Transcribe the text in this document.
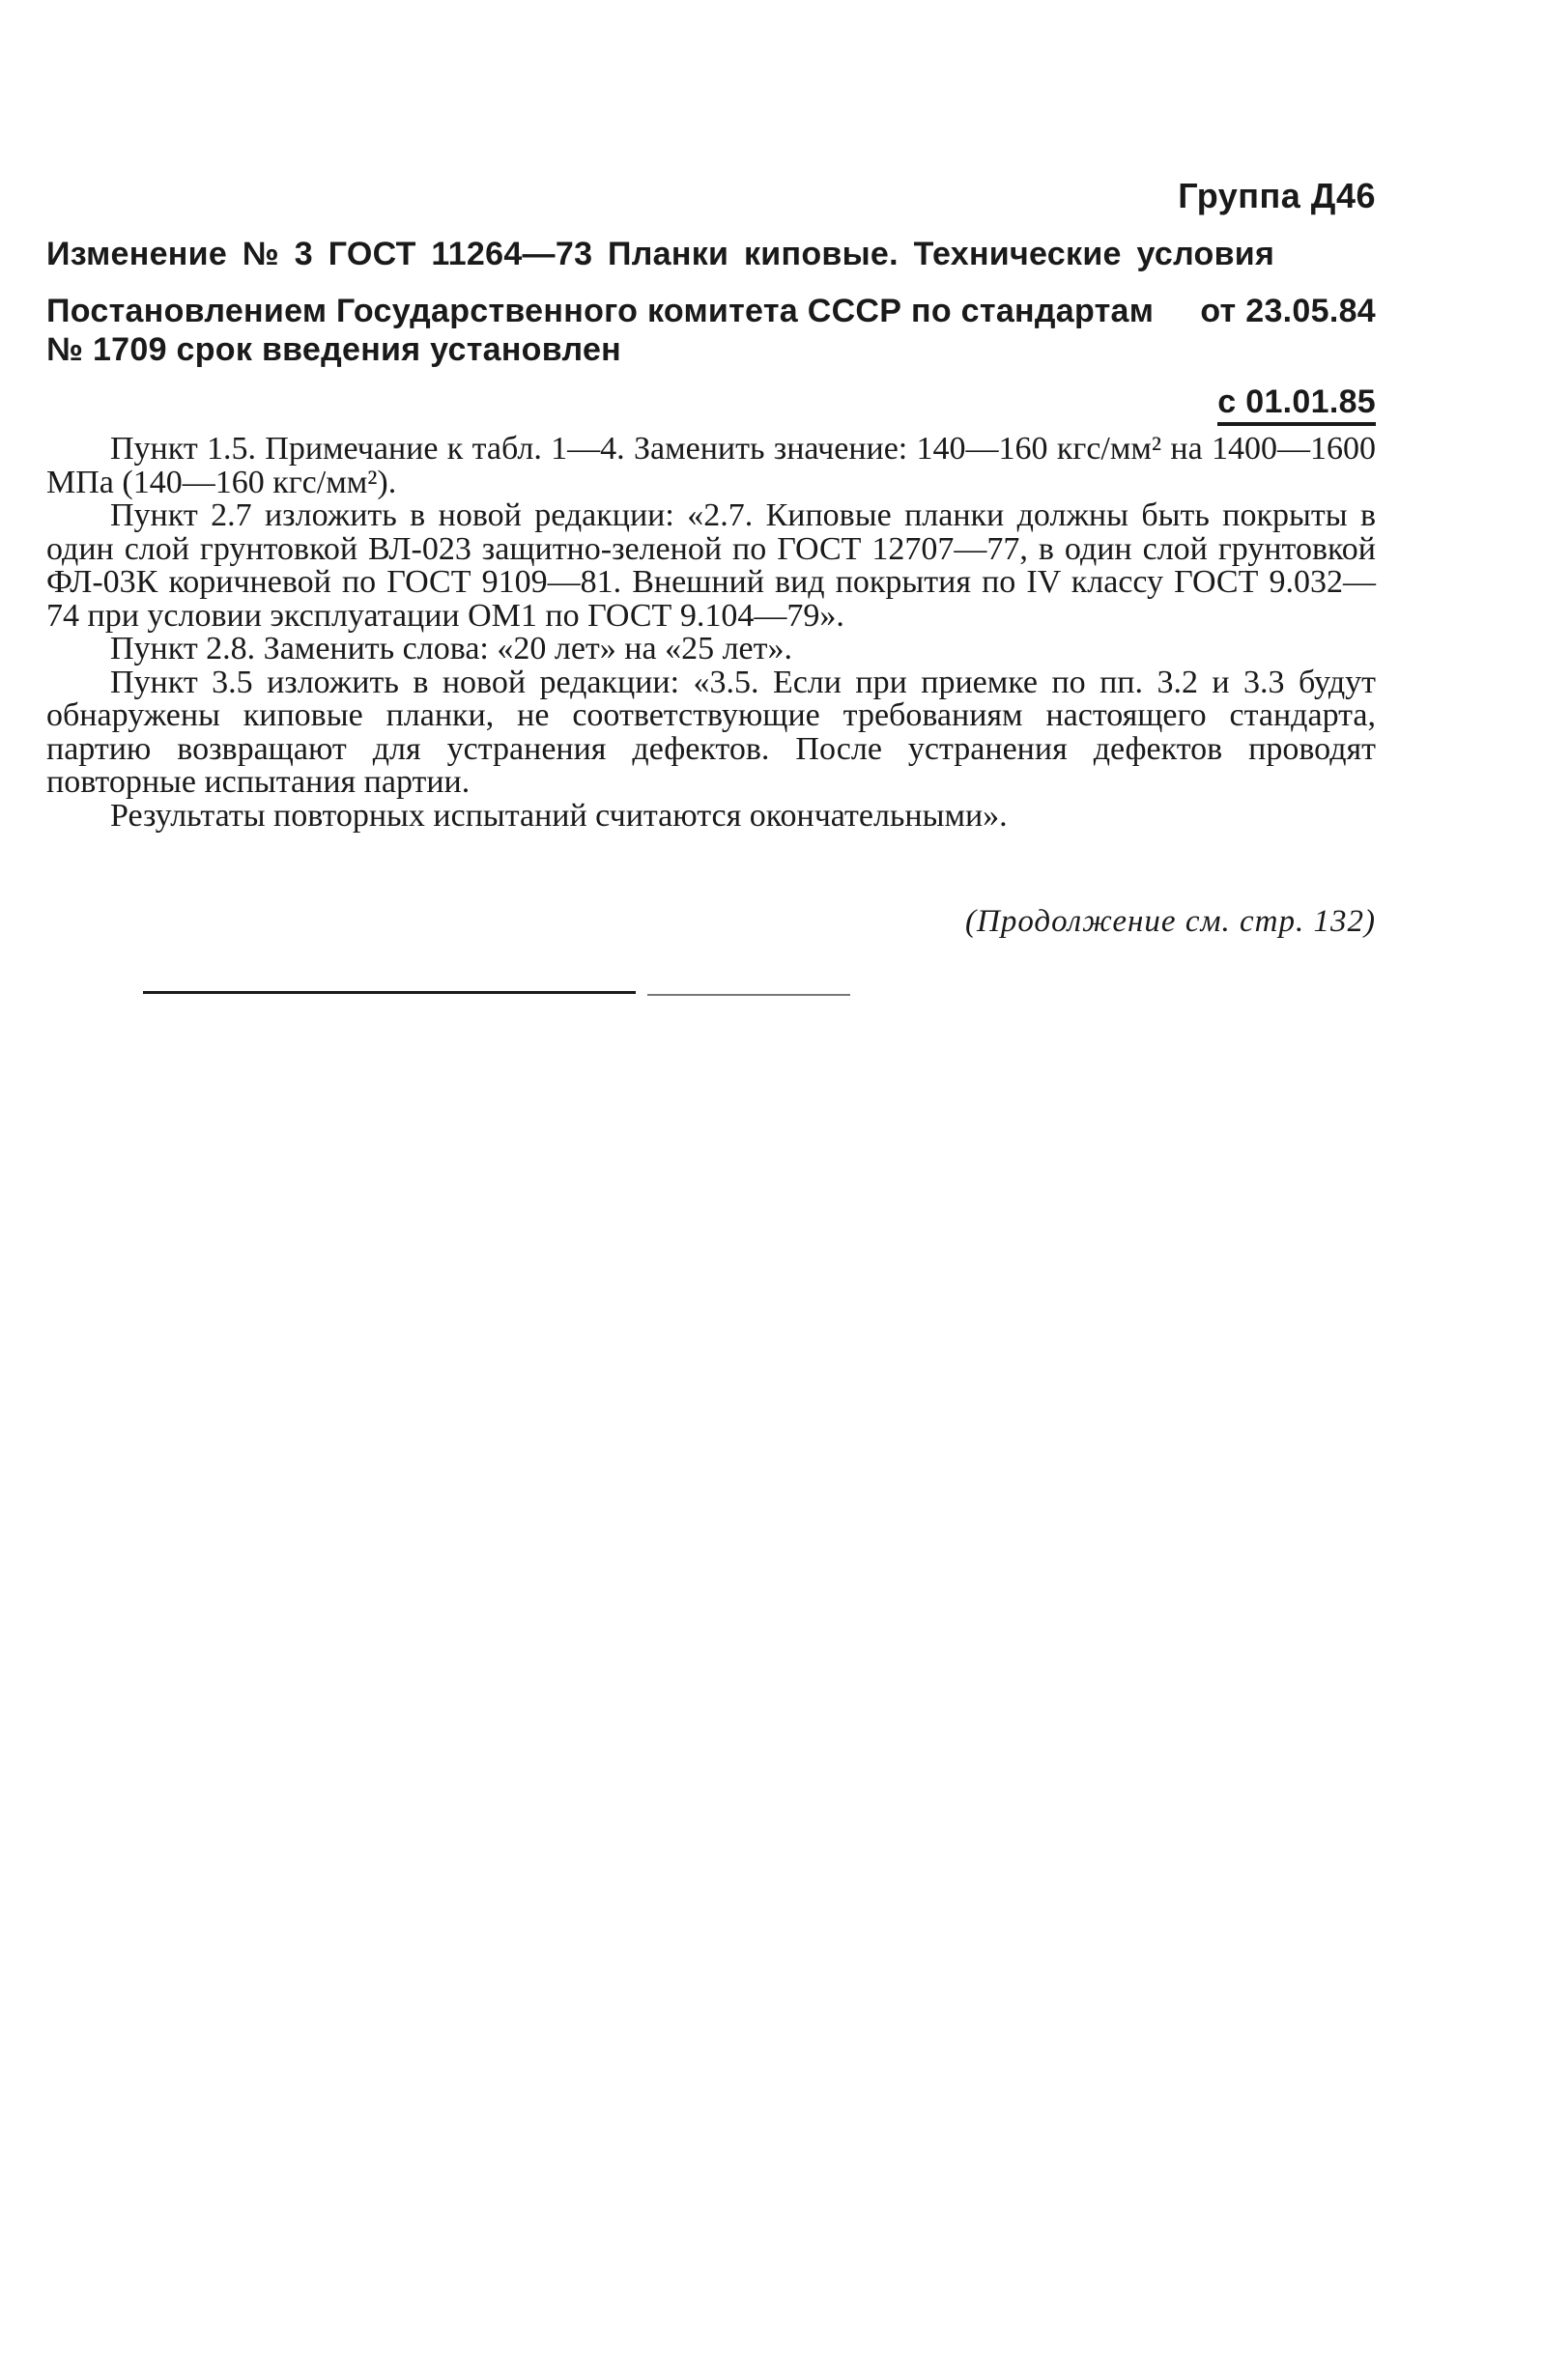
Группа Д46
Изменение № 3 ГОСТ 11264—73 Планки киповые. Технические условия
Постановлением Государственного комитета СССР по стандартам от 23.05.84
№ 1709 срок введения установлен
с 01.01.85

Пункт 1.5. Примечание к табл. 1—4. Заменить значение: 140—160 кгс/мм² на 1400—1600 МПа (140—160 кгс/мм²).

Пункт 2.7 изложить в новой редакции: «2.7. Киповые планки должны быть покрыты в один слой грунтовкой ВЛ-023 защитно-зеленой по ГОСТ 12707—77, в один слой грунтовкой ФЛ-03К коричневой по ГОСТ 9109—81. Внешний вид покрытия по IV классу ГОСТ 9.032—74 при условии эксплуатации ОМ1 по ГОСТ 9.104—79».

Пункт 2.8. Заменить слова: «20 лет» на «25 лет».

Пункт 3.5 изложить в новой редакции: «3.5. Если при приемке по пп. 3.2 и 3.3 будут обнаружены киповые планки, не соответствующие требованиям настоящего стандарта, партию возвращают для устранения дефектов. После устранения дефектов проводят повторные испытания партии.

Результаты повторных испытаний считаются окончательными».

(Продолжение см. стр. 132)
